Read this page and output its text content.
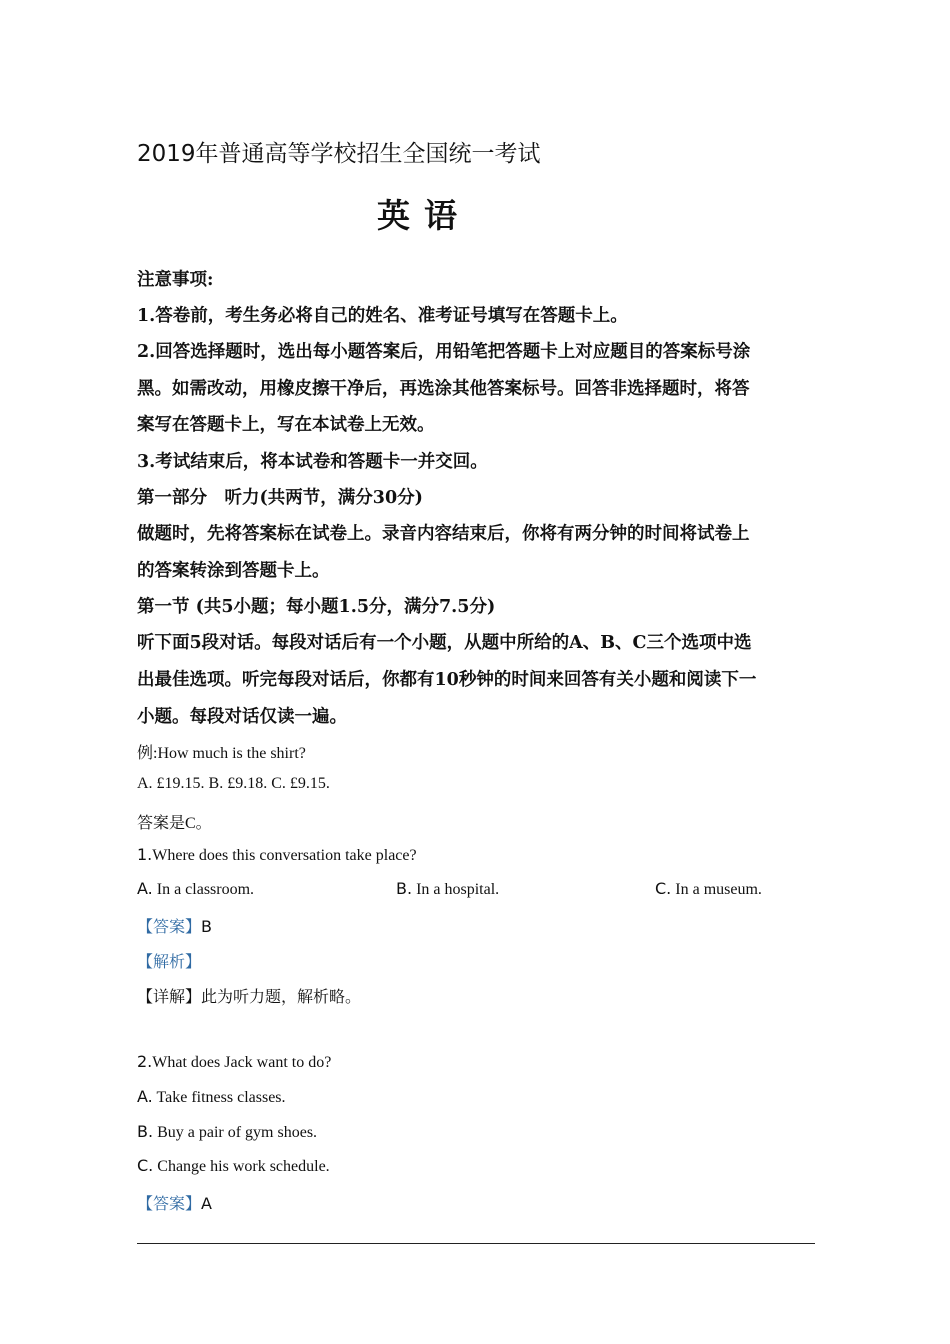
2019年普通高等学校招生全国统一考试
英语
注意事项:
1.答卷前，考生务必将自己的姓名、准考证号填写在答题卡上。
2.回答选择题时，选出每小题答案后，用铅笔把答题卡上对应题目的答案标号涂
黑。如需改动，用橡皮擦干净后，再选涂其他答案标号。回答非选择题时，将答
案写在答题卡上，写在本试卷上无效。
3.考试结束后，将本试卷和答题卡一并交回。
第一部分　听力(共两节，满分30分)
做题时，先将答案标在试卷上。录音内容结束后，你将有两分钟的时间将试卷上
的答案转涂到答题卡上。
第一节 (共5小题；每小题1.5分，满分7.5分)
听下面5段对话。每段对话后有一个小题，从题中所给的A、B、C三个选项中选
出最佳选项。听完每段对话后，你都有10秒钟的时间来回答有关小题和阅读下一
小题。每段对话仅读一遍。
例:How much is the shirt?
A. £19.15. B. £9.18. C. £9.15.
答案是C。
1.Where does this conversation take place?
A. In a classroom.	B. In a hospital.	C. In a museum.
【答案】B
【解析】
【详解】此为听力题，解析略。
2.What does Jack want to do?
A. Take fitness classes.
B. Buy a pair of gym shoes.
C. Change his work schedule.
【答案】A
